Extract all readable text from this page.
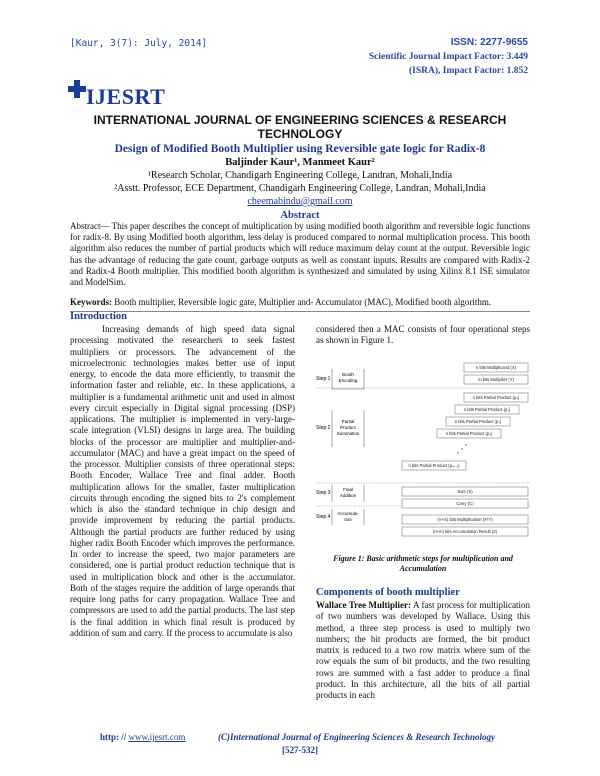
[Kaur, 3(7): July, 2014]	ISSN: 2277-9655
Scientific Journal Impact Factor: 3.449
(ISRA), Impact Factor: 1.852
IJESRT
INTERNATIONAL JOURNAL OF ENGINEERING SCIENCES & RESEARCH TECHNOLOGY
Design of Modified Booth Multiplier using Reversible gate logic for Radix-8
Baljinder Kaur¹, Manmeet Kaur²
¹Research Scholar, Chandigarh Engineering College, Landran, Mohali,India
²Asstt. Professor, ECE Department, Chandigarh Engineering College, Landran, Mohali,India
cheemabindu@gmail.com
Abstract
Abstract— This paper describes the concept of multiplication by using modified booth algorithm and reversible logic functions for radix-8. By using Modified booth algorithm, less delay is produced compared to normal multiplication process. This booth algorithm also reduces the number of partial products which will reduce maximum delay count at the output. Reversible logic has the advantage of reducing the gate count, garbage outputs as well as constant inputs. Results are compared with Radix-2 and Radix-4 Booth multiplier. This modified booth algorithm is synthesized and simulated by using Xilinx 8.1 ISE simulator and ModelSim.
Keywords: Booth multiplier, Reversible logic gate, Multiplier and- Accumulator (MAC), Modified booth algorithm.
Introduction
Increasing demands of high speed data signal processing motivated the researchers to seek fastest multipliers or processors. The advancement of the microelectronic technologies makes better use of input energy, to encode the data more efficiently, to transmit the information faster and reliable, etc. In these applications, a multiplier is a fundamental arithmetic unit and used in almost every circuit especially in Digital signal processing (DSP) applications. The multiplier is implemented in very-large-scale integration (VLSI) designs in large area. The building blocks of the processor are multiplier and multiplier-and- accumulator (MAC) and have a great impact on the speed of the processor. Multiplier consists of three operational steps: Booth Encoder, Wallace Tree and final adder. Booth multiplication allows for the smaller, faster multiplication circuits through encoding the signed bits to 2's complement which is also the standard technique in chip design and provide improvement by reducing the partial products. Although the partial products are further reduced by using higher radix Booth Encoder which improves the performance. In order to increase the speed, two major parameters are considered, one is partial product reduction technique that is used in multiplication block and other is the accumulator. Both of the stages require the addition of large operands that require long paths for carry propagation. Wallace Tree and compressors are used to add the partial products. The last step is the final addition in which final result is produced by addition of sum and carry. If the process to accumulate is also
considered then a MAC consists of four operational steps as shown in Figure 1.
Step 1
Step 2
Step 3
Step 4
Booth
Encoding
Partial
Product
Summation
Final
Addition
Accumula-
tion
n bits Multiplicand (X)
m bits Multiplier (Y)
n bits Partial Product (p₀)
n bits Partial Product (p₁)
n bits Partial Product (p₂)
n bits Partial Product (p₃)
n bits Partial Product (pₘ₋₁)
Sum (S)
Carry (C)
(n+m) bits Multiplication (X*Y)
(n+m) bits Accumulation Result (Z)
Figure 1: Basic arithmetic steps for multiplication and Accumulation
Components of booth multiplier
Wallace Tree Multiplier: A fast process for multiplication of two numbers was developed by Wallace. Using this method, a three step process is used to multiply two numbers; the bit products are formed, the bit product matrix is reduced to a two row matrix where sum of the row equals the sum of bit products, and the two resulting rows are summed with a fast adder to produce a final product. In this architecture, all the bits of all partial products in each
http: // www.ijesrt.com	(C)International Journal of Engineering Sciences & Research Technology
[527-532]
